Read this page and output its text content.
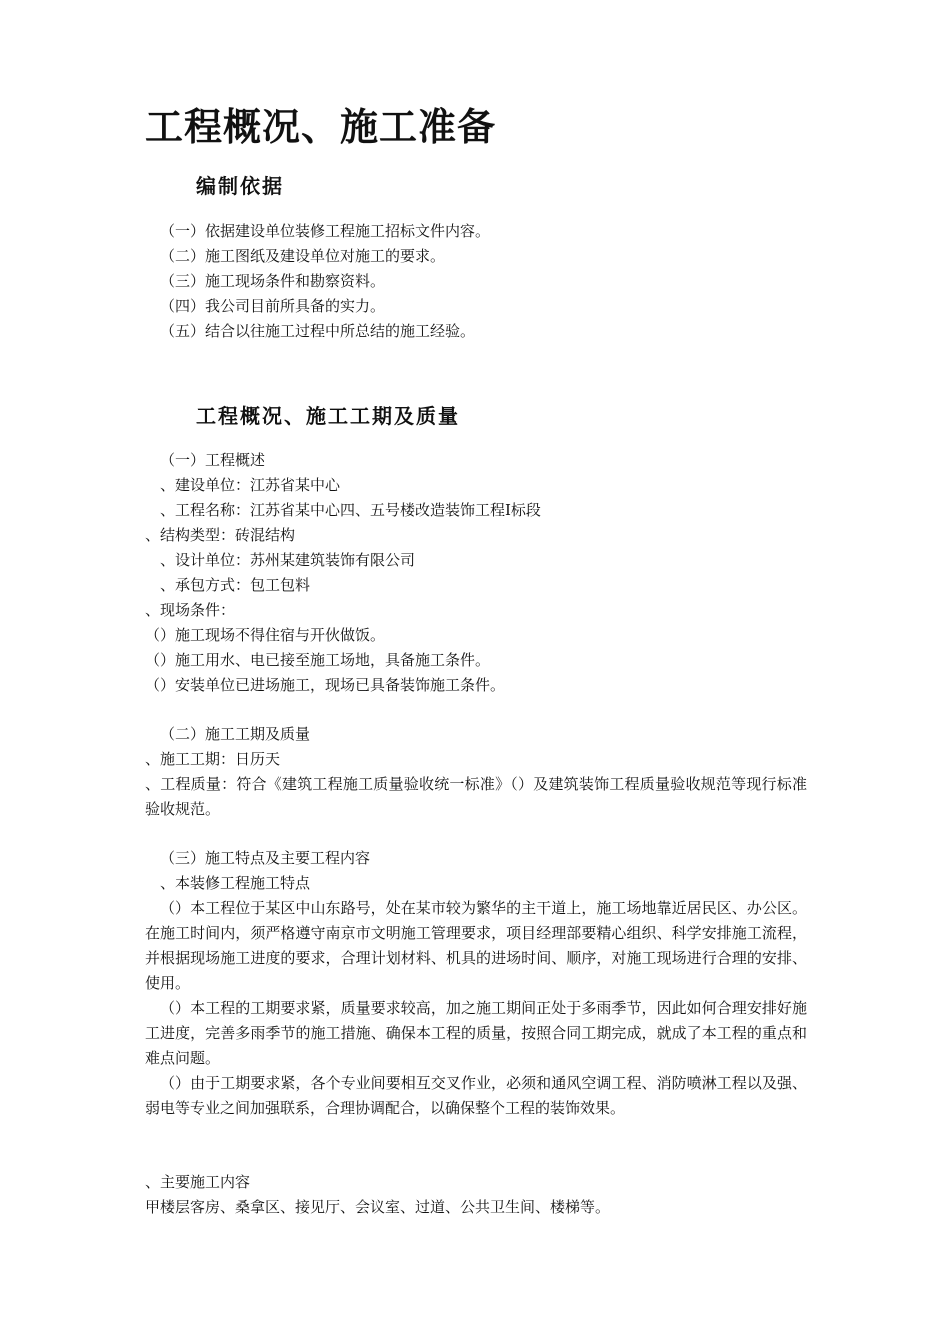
工程概况、施工准备
编制依据
（一）依据建设单位装修工程施工招标文件内容。
（二）施工图纸及建设单位对施工的要求。
（三）施工现场条件和勘察资料。
（四）我公司目前所具备的实力。
（五）结合以往施工过程中所总结的施工经验。
工程概况、施工工期及质量
（一）工程概述
、建设单位：江苏省某中心
、工程名称：江苏省某中心四、五号楼改造装饰工程Ⅰ标段
、结构类型：砖混结构
、设计单位：苏州某建筑装饰有限公司
、承包方式：包工包料
、现场条件：
（）施工现场不得住宿与开伙做饭。
（）施工用水、电已接至施工场地，具备施工条件。
（）安装单位已进场施工，现场已具备装饰施工条件。
（二）施工工期及质量
、施工工期：日历天

、工程质量：符合《建筑工程施工质量验收统一标准》（）及建筑装饰工程质量验收规范等现行标准验收规范。

（三）施工特点及主要工程内容
、本装修工程施工特点

（）本工程位于某区中山东路号，处在某市较为繁华的主干道上，施工场地靠近居民区、办公区。在施工时间内，须严格遵守南京市文明施工管理要求，项目经理部要精心组织、科学安排施工流程，并根据现场施工进度的要求，合理计划材料、机具的进场时间、顺序，对施工现场进行合理的安排、使用。

（）本工程的工期要求紧，质量要求较高，加之施工期间正处于多雨季节，因此如何合理安排好施工进度，完善多雨季节的施工措施、确保本工程的质量，按照合同工期完成，就成了本工程的重点和难点问题。

（）由于工期要求紧，各个专业间要相互交叉作业，必须和通风空调工程、消防喷淋工程以及强、弱电等专业之间加强联系，合理协调配合，以确保整个工程的装饰效果。

、主要施工内容
甲楼层客房、桑拿区、接见厅、会议室、过道、公共卫生间、楼梯等。
